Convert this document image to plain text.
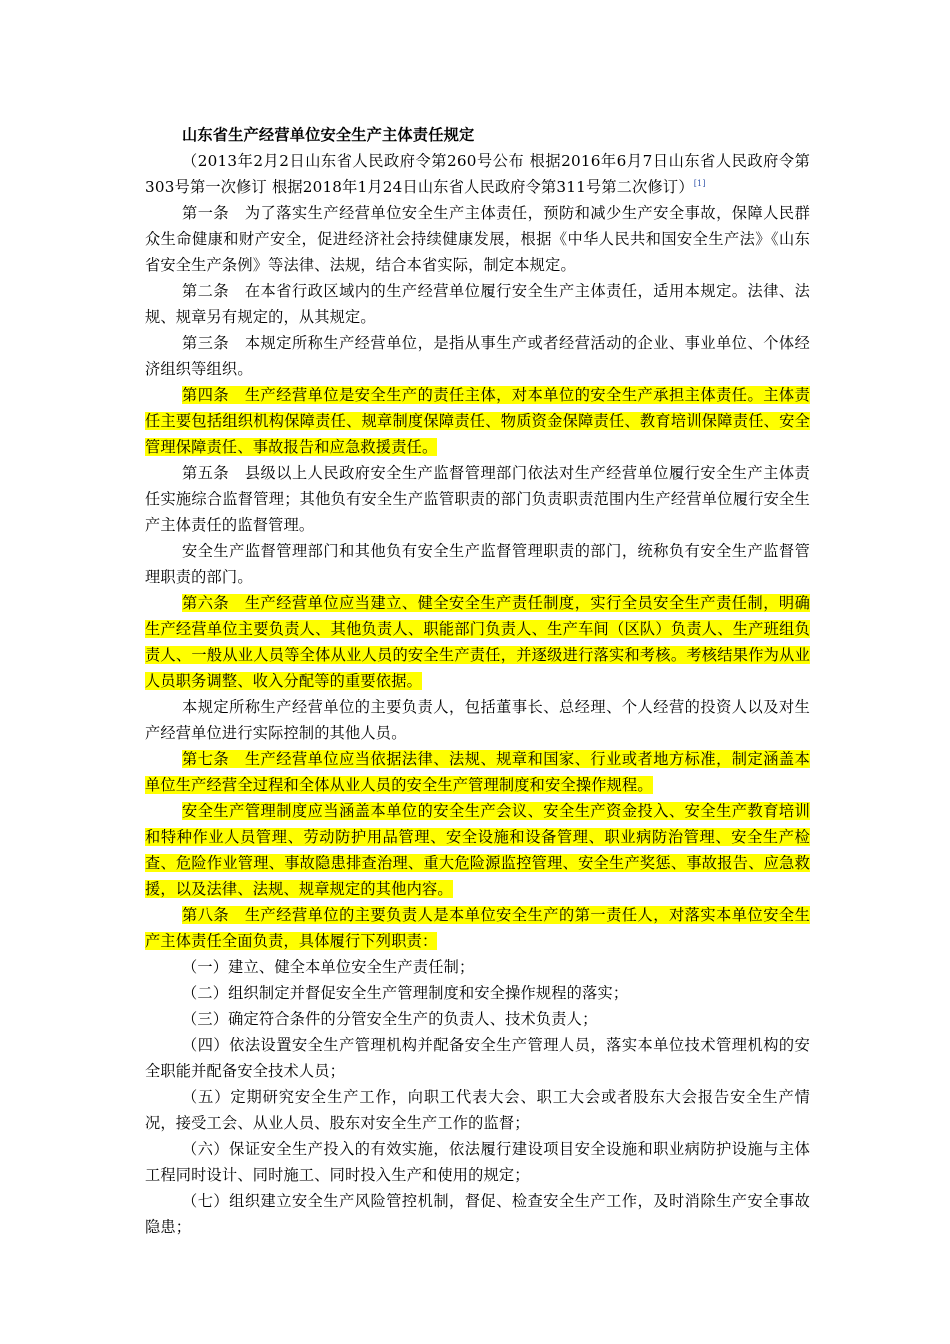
山东省生产经营单位安全生产主体责任规定

（2013年2月2日山东省人民政府令第260号公布 根据2016年6月7日山东省人民政府令第303号第一次修订 根据2018年1月24日山东省人民政府令第311号第二次修订）[1]

第一条　为了落实生产经营单位安全生产主体责任，预防和减少生产安全事故，保障人民群众生命健康和财产安全，促进经济社会持续健康发展，根据《中华人民共和国安全生产法》《山东省安全生产条例》等法律、法规，结合本省实际，制定本规定。

第二条　在本省行政区域内的生产经营单位履行安全生产主体责任，适用本规定。法律、法规、规章另有规定的，从其规定。

第三条　本规定所称生产经营单位，是指从事生产或者经营活动的企业、事业单位、个体经济组织等组织。

第四条　生产经营单位是安全生产的责任主体，对本单位的安全生产承担主体责任。主体责任主要包括组织机构保障责任、规章制度保障责任、物质资金保障责任、教育培训保障责任、安全管理保障责任、事故报告和应急救援责任。

第五条　县级以上人民政府安全生产监督管理部门依法对生产经营单位履行安全生产主体责任实施综合监督管理；其他负有安全生产监管职责的部门负责职责范围内生产经营单位履行安全生产主体责任的监督管理。

安全生产监督管理部门和其他负有安全生产监督管理职责的部门，统称负有安全生产监督管理职责的部门。

第六条　生产经营单位应当建立、健全安全生产责任制度，实行全员安全生产责任制，明确生产经营单位主要负责人、其他负责人、职能部门负责人、生产车间（区队）负责人、生产班组负责人、一般从业人员等全体从业人员的安全生产责任，并逐级进行落实和考核。考核结果作为从业人员职务调整、收入分配等的重要依据。

本规定所称生产经营单位的主要负责人，包括董事长、总经理、个人经营的投资人以及对生产经营单位进行实际控制的其他人员。

第七条　生产经营单位应当依据法律、法规、规章和国家、行业或者地方标准，制定涵盖本单位生产经营全过程和全体从业人员的安全生产管理制度和安全操作规程。

安全生产管理制度应当涵盖本单位的安全生产会议、安全生产资金投入、安全生产教育培训和特种作业人员管理、劳动防护用品管理、安全设施和设备管理、职业病防治管理、安全生产检查、危险作业管理、事故隐患排查治理、重大危险源监控管理、安全生产奖惩、事故报告、应急救援，以及法律、法规、规章规定的其他内容。

第八条　生产经营单位的主要负责人是本单位安全生产的第一责任人，对落实本单位安全生产主体责任全面负责，具体履行下列职责：

（一）建立、健全本单位安全生产责任制；

（二）组织制定并督促安全生产管理制度和安全操作规程的落实；

（三）确定符合条件的分管安全生产的负责人、技术负责人；

（四）依法设置安全生产管理机构并配备安全生产管理人员，落实本单位技术管理机构的安全职能并配备安全技术人员；

（五）定期研究安全生产工作，向职工代表大会、职工大会或者股东大会报告安全生产情况，接受工会、从业人员、股东对安全生产工作的监督；

（六）保证安全生产投入的有效实施，依法履行建设项目安全设施和职业病防护设施与主体工程同时设计、同时施工、同时投入生产和使用的规定；

（七）组织建立安全生产风险管控机制，督促、检查安全生产工作，及时消除生产安全事故隐患；
